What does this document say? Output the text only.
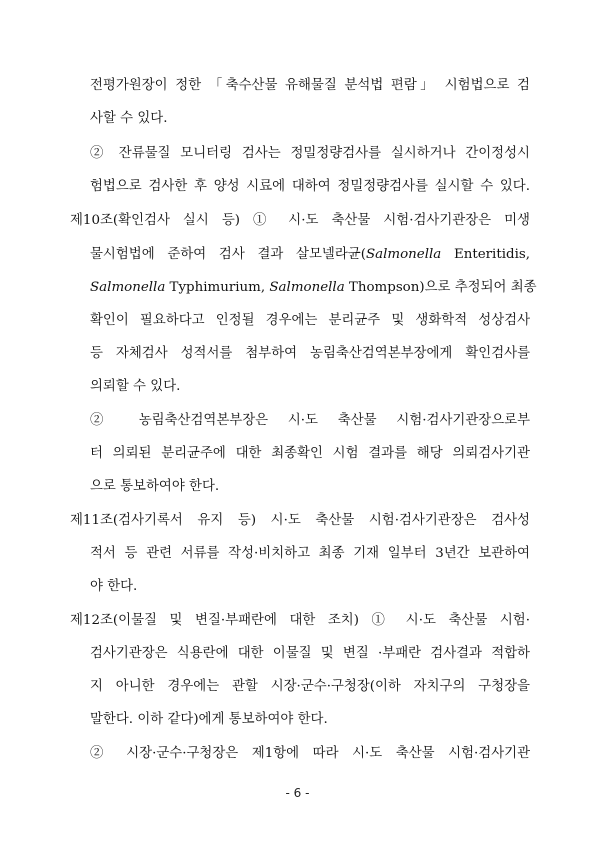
전평가원장이 정한 「축수산물 유해물질 분석법 편람」 시험법으로 검
사할 수 있다.
② 잔류물질 모니터링 검사는 정밀정량검사를 실시하거나 간이정성시
험법으로 검사한 후 양성 시료에 대하여 정밀정량검사를 실시할 수 있다.
제10조(확인검사 실시 등) ① 시·도 축산물 시험·검사기관장은 미생
물시험법에 준하여 검사 결과 살모넬라균(Salmonella Enteritidis,
Salmonella Typhimurium, Salmonella Thompson)으로 추정되어 최종
확인이 필요하다고 인정될 경우에는 분리균주 및 생화학적 성상검사
등 자체검사 성적서를 첨부하여 농림축산검역본부장에게 확인검사를
의뢰할 수 있다.
② 농림축산검역본부장은 시·도 축산물 시험·검사기관장으로부
터 의뢰된 분리균주에 대한 최종확인 시험 결과를 해당 의뢰검사기관
으로 통보하여야 한다.
제11조(검사기록서 유지 등) 시·도 축산물 시험·검사기관장은 검사성
적서 등 관련 서류를 작성·비치하고 최종 기재 일부터 3년간 보관하여
야 한다.
제12조(이물질 및 변질·부패란에 대한 조치) ① 시·도 축산물 시험·
검사기관장은 식용란에 대한 이물질 및 변질 ·부패란 검사결과 적합하
지 아니한 경우에는 관할 시장·군수·구청장(이하 자치구의 구청장을
말한다. 이하 같다)에게 통보하여야 한다.
② 시장·군수·구청장은 제1항에 따라 시·도 축산물 시험·검사기관
- 6 -
